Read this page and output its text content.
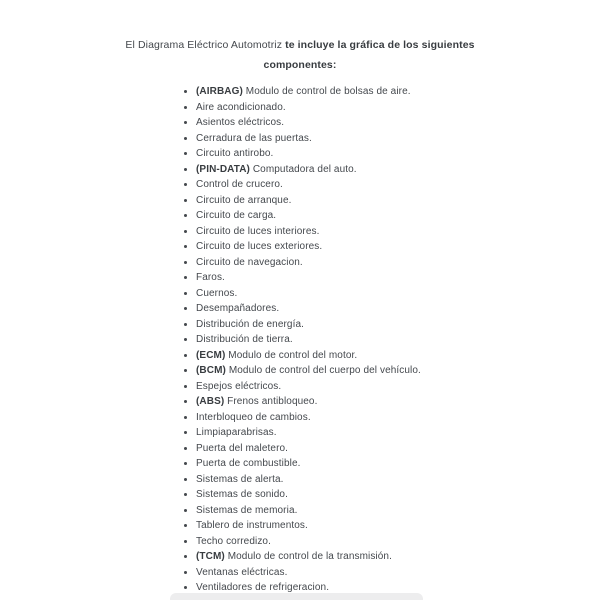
El Diagrama Eléctrico Automotriz te incluye la gráfica de los siguientes
componentes:
• (AIRBAG) Modulo de control de bolsas de aire.
• Aire acondicionado.
• Asientos eléctricos.
• Cerradura de las puertas.
• Circuito antirobo.
• (PIN-DATA) Computadora del auto.
• Control de crucero.
• Circuito de arranque.
• Circuito de carga.
• Circuito de luces interiores.
• Circuito de luces exteriores.
• Circuito de navegacion.
• Faros.
• Cuernos.
• Desempañadores.
• Distribución de energía.
• Distribución de tierra.
• (ECM) Modulo de control del motor.
• (BCM) Modulo de control del cuerpo del vehículo.
• Espejos eléctricos.
• (ABS) Frenos antibloqueo.
• Interbloqueo de cambios.
• Limpiaparabrisas.
• Puerta del maletero.
• Puerta de combustible.
• Sistemas de alerta.
• Sistemas de sonido.
• Sistemas de memoria.
• Tablero de instrumentos.
• Techo corredizo.
• (TCM) Modulo de control de la transmisión.
• Ventanas eléctricas.
• Ventiladores de refrigeracion.
